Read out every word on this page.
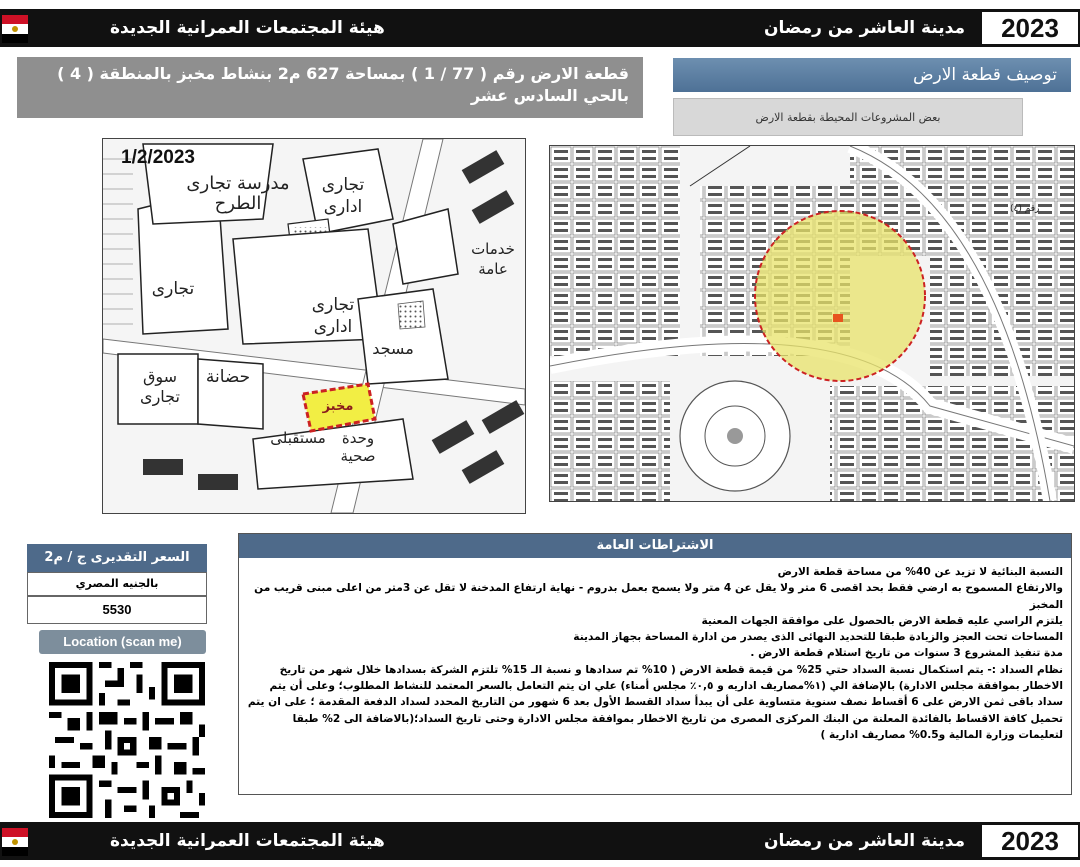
هيئة المجتمعات العمرانية الجديدة	مدينة العاشر من رمضان	2023
قطعة الارض رقم ( 77 / 1 ) بمساحة 627 م2 بنشاط مخبز بالمنطقة ( 4 ) بالحي السادس عشر
توصيف قطعة الارض
بعض المشروعات المحيطة بقطعة الارض
1/2/2023
مدرسة تجارى الطرح
تجارى ادارى
خدمات عامة
تجارى
تجارى ادارى
مسجد
سوق تجارى
حضانة
مخبز
مستقبلى	وحدة صحية
رقم (٤)
السعر التقديرى ج / م2
بالجنيه المصري
5530
Location (scan me)
الاشتراطات العامة

النسبة البنائية لا تزيد عن 40% من مساحة قطعة الارض

والارتفاع المسموح به ارضي فقط بحد اقصى 6 متر ولا يقل عن 4 متر ولا يسمح بعمل بدروم - نهاية ارتفاع المدخنة لا تقل عن 3متر من اعلى مبنى قريب من المخبز

يلتزم الراسي عليه قطعة الارض بالحصول على موافقة الجهات المعنية

المساحات تحت العجز والزيادة طبقا للتحديد النهائى الذى يصدر من ادارة المساحة بجهاز المدينة

مدة تنفيذ المشروع 3 سنوات من تاريخ استلام قطعة الارض .

نظام السداد :- يتم استكمال نسبة السداد حتي 25% من قيمة قطعة الارض ( 10% تم سدادها و نسبة الـ 15% تلتزم الشركة بسدادها خلال شهر من تاريخ الاخطار بموافقة مجلس الادارة) بالإضافة الي (١%مصاريف اداريه و ٠,٥٪ مجلس أمناء) علي ان يتم التعامل بالسعر المعتمد للنشاط المطلوب؛ وعلى أن يتم سداد باقى ثمن الارض على 6 أقساط نصف سنوية متساوية على أن يبدأ سداد القسط الأول بعد 6 شهور من التاريخ المحدد لسداد الدفعة المقدمة ؛ على ان يتم تحميل كافة الاقساط بالفائدة المعلنة من البنك المركزى المصرى من تاريخ الاخطار بموافقة مجلس الادارة وحتى تاريخ السداد؛(بالاضافة الى 2% طبقا لتعليمات وزارة المالية و0.5% مصاريف ادارية )

هيئة المجتمعات العمرانية الجديدة	مدينة العاشر من رمضان	2023
